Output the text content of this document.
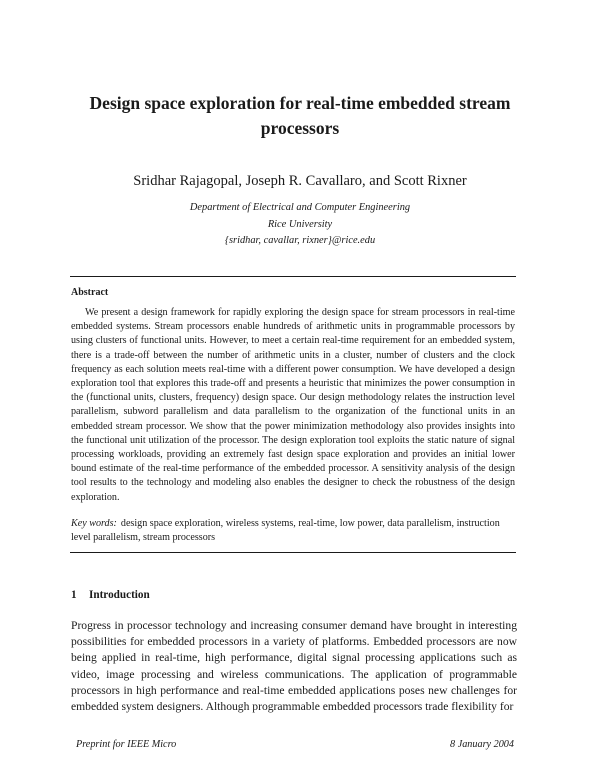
Design space exploration for real-time embedded stream processors
Sridhar Rajagopal, Joseph R. Cavallaro, and Scott Rixner
Department of Electrical and Computer Engineering
Rice University
{sridhar, cavallar, rixner}@rice.edu
Abstract
We present a design framework for rapidly exploring the design space for stream processors in real-time embedded systems. Stream processors enable hundreds of arithmetic units in programmable processors by using clusters of functional units. However, to meet a certain real-time requirement for an embedded system, there is a trade-off between the number of arithmetic units in a cluster, number of clusters and the clock frequency as each solution meets real-time with a different power consumption. We have developed a design exploration tool that explores this trade-off and presents a heuristic that minimizes the power consumption in the (functional units, clusters, frequency) design space. Our design methodology relates the instruction level parallelism, subword parallelism and data parallelism to the organization of the functional units in an embedded stream processor. We show that the power minimization methodology also provides insights into the functional unit utilization of the processor. The design exploration tool exploits the static nature of signal processing workloads, providing an extremely fast design space exploration and provides an initial lower bound estimate of the real-time performance of the embedded processor. A sensitivity analysis of the design tool results to the technology and modeling also enables the designer to check the robustness of the design exploration.
Key words: design space exploration, wireless systems, real-time, low power, data parallelism, instruction level parallelism, stream processors
1 Introduction
Progress in processor technology and increasing consumer demand have brought in interesting possibilities for embedded processors in a variety of platforms. Embedded processors are now being applied in real-time, high performance, digital signal processing applications such as video, image processing and wireless communications. The application of programmable processors in high performance and real-time embedded applications poses new challenges for embedded system designers. Although programmable embedded processors trade flexibility for
Preprint for IEEE Micro	8 January 2004
